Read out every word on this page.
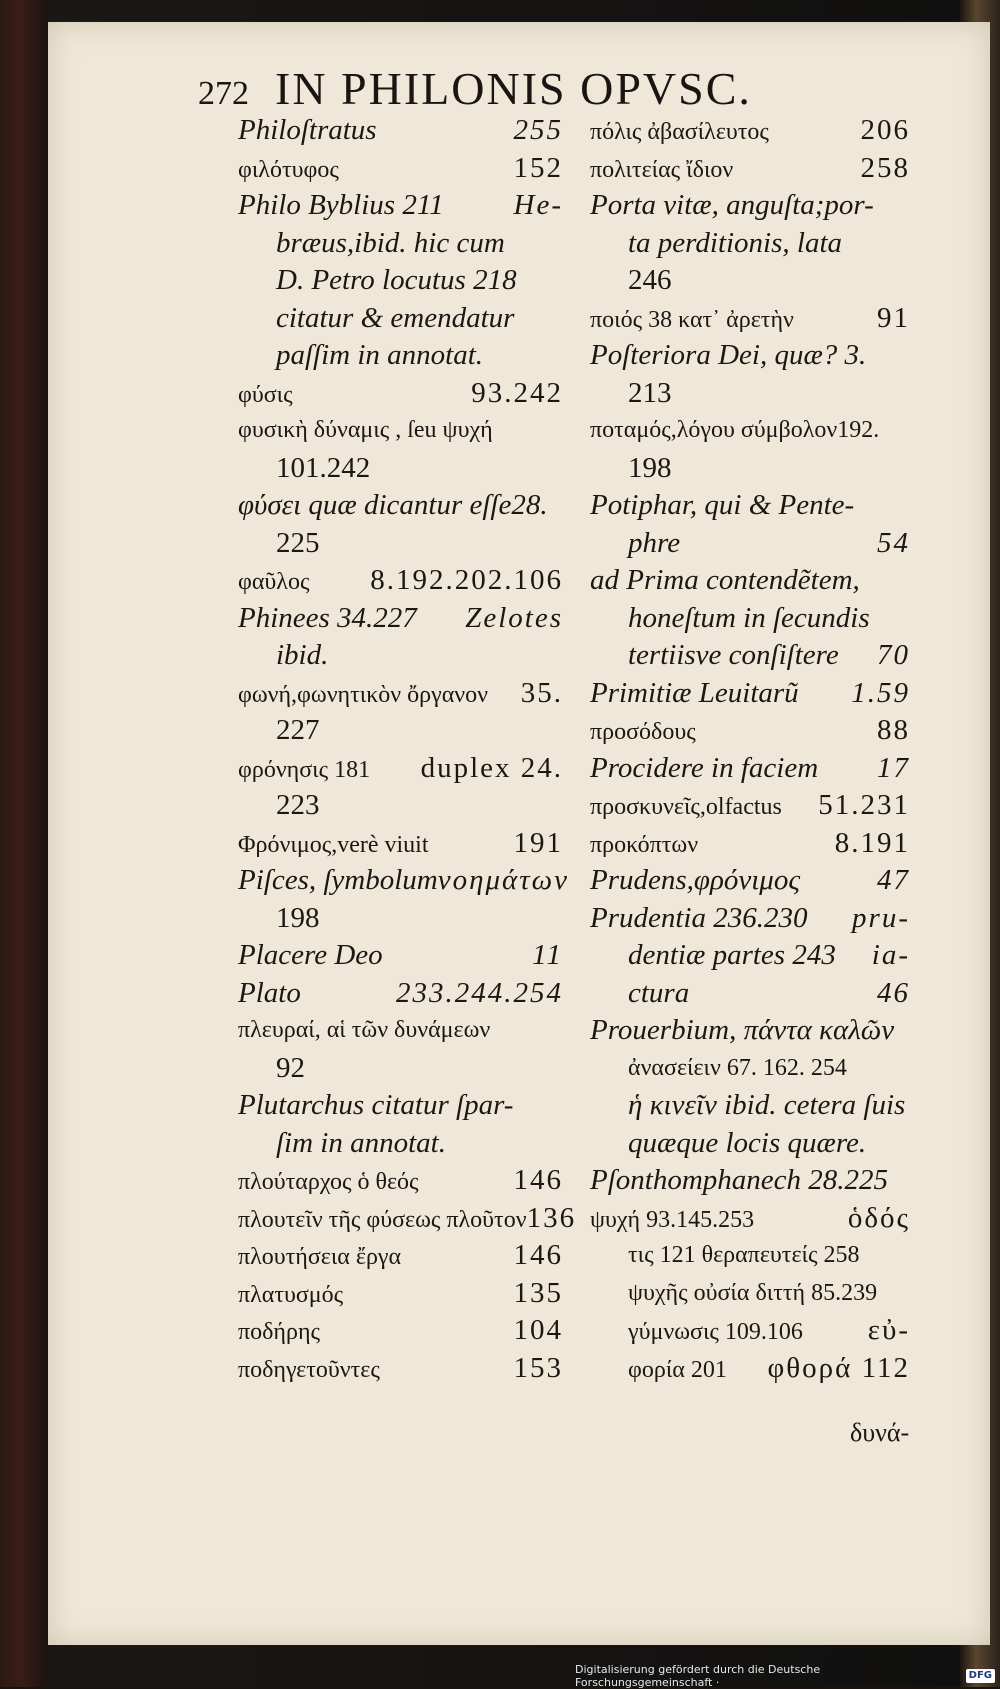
272 IN PHILONIS OPVSC.
Philoſtratus	255
φιλότυφος	152
Philo Byblius 211 He-
bræus,ibid. hic cum
D. Petro locutus 218
citatur & emendatur
paſſim in annotat.
φύσις	93.242
φυσικὴ δύναμις , ſeu ψυχή
101.242
φύσει quæ dicantur eſſe28.
225
φαῦλος 8.192.202.106
Phinees 34.227 Zelotes
ibid.
φωνή,φωνητικὸν ὄργανον 35.
227
φρόνησις 181 duplex 24.
223
Φρόνιμος,verè viuit	191
Piſces, ſymbolum νοημάτων
198
Placere Deo	11
Plato	233.244.254
πλευραί, αἱ τῶν δυνάμεων
92
Plutarchus citatur ſpar-
ſim in annotat.
πλούταρχος ὁ θεός	146
πλουτεῖν τῆς φύσεως πλοῦτον 136
πλουτήσεια ἔργα	146
πλατυσμός	135
ποδήρης	104
ποδηγετοῦντες	153
πόλις ἀβασίλευτος	206
πολιτείας ἴδιον	258
Porta vitæ, anguſta;por-
ta perditionis, lata
246
ποιός 38 κατ᾽ ἀρετὴν	91
Poſteriora Dei, quæ? 3.
213
ποταμός,λόγου σύμβολον192.
198
Potiphar, qui & Pente-
phre	54
ad Prima contendẽtem,
honeſtum in ſecundis
tertiisve conſiſtere 70
Primitiæ Leuitarũ 1.59
προσόδους	88
Procidere in faciem 17
προσκυνεῖς,olfactus 51.231
προκόπτων	8.191
Prudens,φρόνιμος	47
Prudentia 236.230 pru-
dentiæ partes 243 ia-
ctura	46
Prouerbium, πάντα καλῶν
ἀνασείειν 67. 162. 254
ἡ κινεῖν ibid. cetera ſuis
quæque locis quære.
Pſonthomphanech 28.225
ψυχή 93.145.253	ὁδός
τις 121 θεραπευτείς 258
ψυχῆς οὐσία διττή 85.239
γύμνωσις 109.106 εὐ-
φορία 201 φθορά 112
δυνά-
Digitalisierung gefördert durch die Deutsche Forschungsgemeinschaft ·
DFG
